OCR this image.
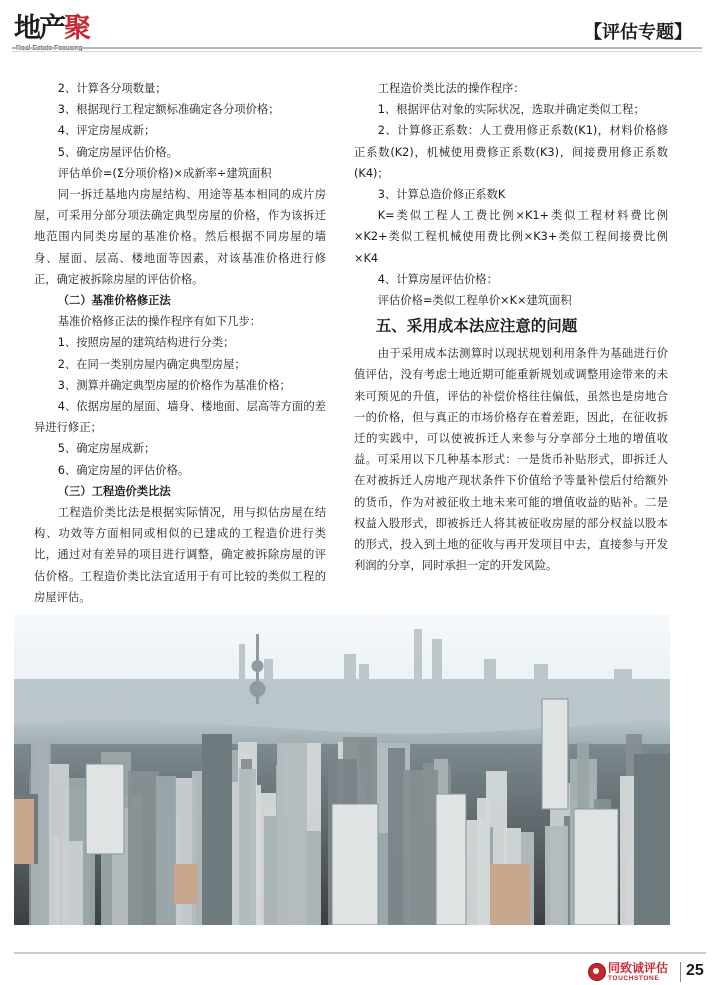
地产聚	【评估专题】

2、计算各分项数量；

3、根据现行工程定额标准确定各分项价格；

4、评定房屋成新；

5、确定房屋评估价格。

评估单价=(Σ分项价格)×成新率÷建筑面积

同一拆迁基地内房屋结构、用途等基本相同的成片房屋，可采用分部分项法确定典型房屋的价格，作为该拆迁地范围内同类房屋的基准价格。然后根据不同房屋的墙身、屋面、层高、楼地面等因素，对该基准价格进行修正，确定被拆除房屋的评估价格。

（二）基准价格修正法

基准价格修正法的操作程序有如下几步：

1、按照房屋的建筑结构进行分类；

2、在同一类别房屋内确定典型房屋；

3、测算并确定典型房屋的价格作为基准价格；

4、依据房屋的屋面、墙身、楼地面、层高等方面的差异进行修正；

5、确定房屋成新；

6、确定房屋的评估价格。

（三）工程造价类比法

工程造价类比法是根据实际情况，用与拟估房屋在结构、功效等方面相同或相似的已建成的工程造价进行类比，通过对有差异的项目进行调整，确定被拆除房屋的评估价格。工程造价类比法宜适用于有可比较的类似工程的房屋评估。

工程造价类比法的操作程序：

1、根据评估对象的实际状况，选取并确定类似工程；

2、计算修正系数：人工费用修正系数(K1)，材料价格修正系数(K2)，机械使用费修正系数(K3)，间接费用修正系数(K4)；

3、计算总造价修正系数K

K=类似工程人工费比例×K1+类似工程材料费比例×K2+类似工程机械使用费比例×K3+类似工程间接费比例×K4

4、计算房屋评估价格：

评估价格=类似工程单价×K×建筑面积

五、采用成本法应注意的问题

由于采用成本法测算时以现状规划利用条件为基础进行价值评估，没有考虑土地近期可能重新规划或调整用途带来的未来可预见的升值，评估的补偿价格往往偏低，虽然也是房地合一的价格，但与真正的市场价格存在着差距，因此，在征收拆迁的实践中，可以使被拆迁人来参与分享部分土地的增值收益。可采用以下几种基本形式：一是货币补贴形式，即拆迁人在对被拆迁人房地产现状条件下价值给予等量补偿后付给额外的货币，作为对被征收土地未来可能的增值收益的贴补。二是权益入股形式，即被拆迁人将其被征收房屋的部分权益以股本的形式，投入到土地的征收与再开发项目中去，直接参与开发利润的分享，同时承担一定的开发风险。

同致诚评估
TOUCHSTONE 25
